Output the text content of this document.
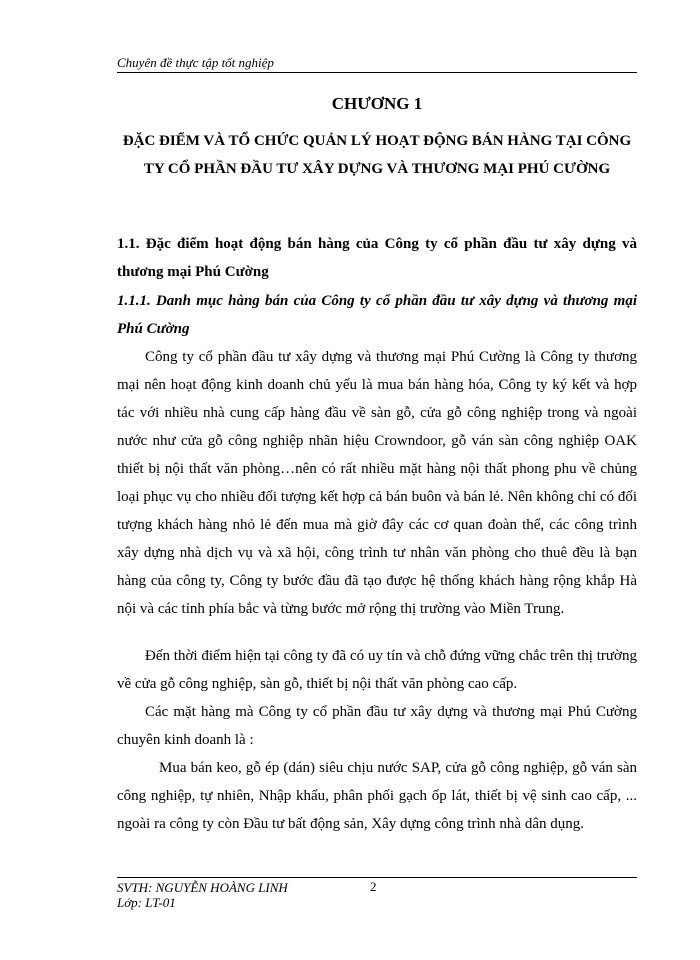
Chuyên đề thực tập tốt nghiệp
CHƯƠNG 1
ĐẶC ĐIỂM VÀ TỔ CHỨC QUẢN LÝ HOẠT ĐỘNG BÁN HÀNG TẠI CÔNG TY CỔ PHẦN ĐẦU TƯ XÂY DỰNG VÀ THƯƠNG MẠI PHÚ CƯỜNG
1.1. Đặc điểm hoạt động bán hàng của Công ty cổ phần đầu tư xây dựng và thương mại Phú Cường
1.1.1. Danh mục hàng bán của Công ty cổ phần đầu tư xây dựng và thương mại Phú Cường
Công ty cổ phần đầu tư xây dựng và thương mại Phú Cường là Công ty thương mại nên hoạt động kinh doanh chủ yếu là mua bán hàng hóa, Công ty ký kết và hợp tác với nhiều nhà cung cấp hàng đầu về sàn gỗ, cửa gỗ công nghiệp trong và ngoài nước như cửa gỗ công nghiệp nhãn hiệu Crowndoor, gỗ ván sàn công nghiệp OAK thiết bị nội thất văn phòng…nên có rất nhiều mặt hàng nội thất phong phu về chủng loại phục vụ cho nhiều đối tượng kết hợp cả bán buôn và bán lẻ. Nên không chỉ có đối tượng khách hàng nhỏ lẻ đến mua mà giờ đây các cơ quan đoàn thể, các công trình xây dựng nhà dịch vụ và xã hội, công trình tư nhân văn phòng cho thuê đều là bạn hàng của công ty, Công ty bước đầu đã tạo được hệ thống khách hàng rộng khắp Hà nội và các tỉnh phía bắc và từng bước mở rộng thị trường vào Miền Trung.
Đến thời điểm hiện tại công ty đã có uy tín và chỗ đứng vững chắc trên thị trường về cửa gỗ công nghiệp, sàn gỗ, thiết bị nội thất văn phòng cao cấp.
Các mặt hàng mà Công ty cổ phần đầu tư xây dựng và thương mại Phú Cường chuyên kinh doanh là :
Mua bán keo, gỗ ép (dán) siêu chịu nước SAP, cửa gỗ công nghiệp, gỗ ván sàn công nghiệp, tự nhiên, Nhập khẩu, phân phối gạch ốp lát, thiết bị vệ sinh cao cấp, ... ngoài ra công ty còn Đầu tư bất động sản, Xây dựng công trình nhà dân dụng.
SVTH: NGUYỄN HOÀNG LINH
Lớp: LT-01
2
